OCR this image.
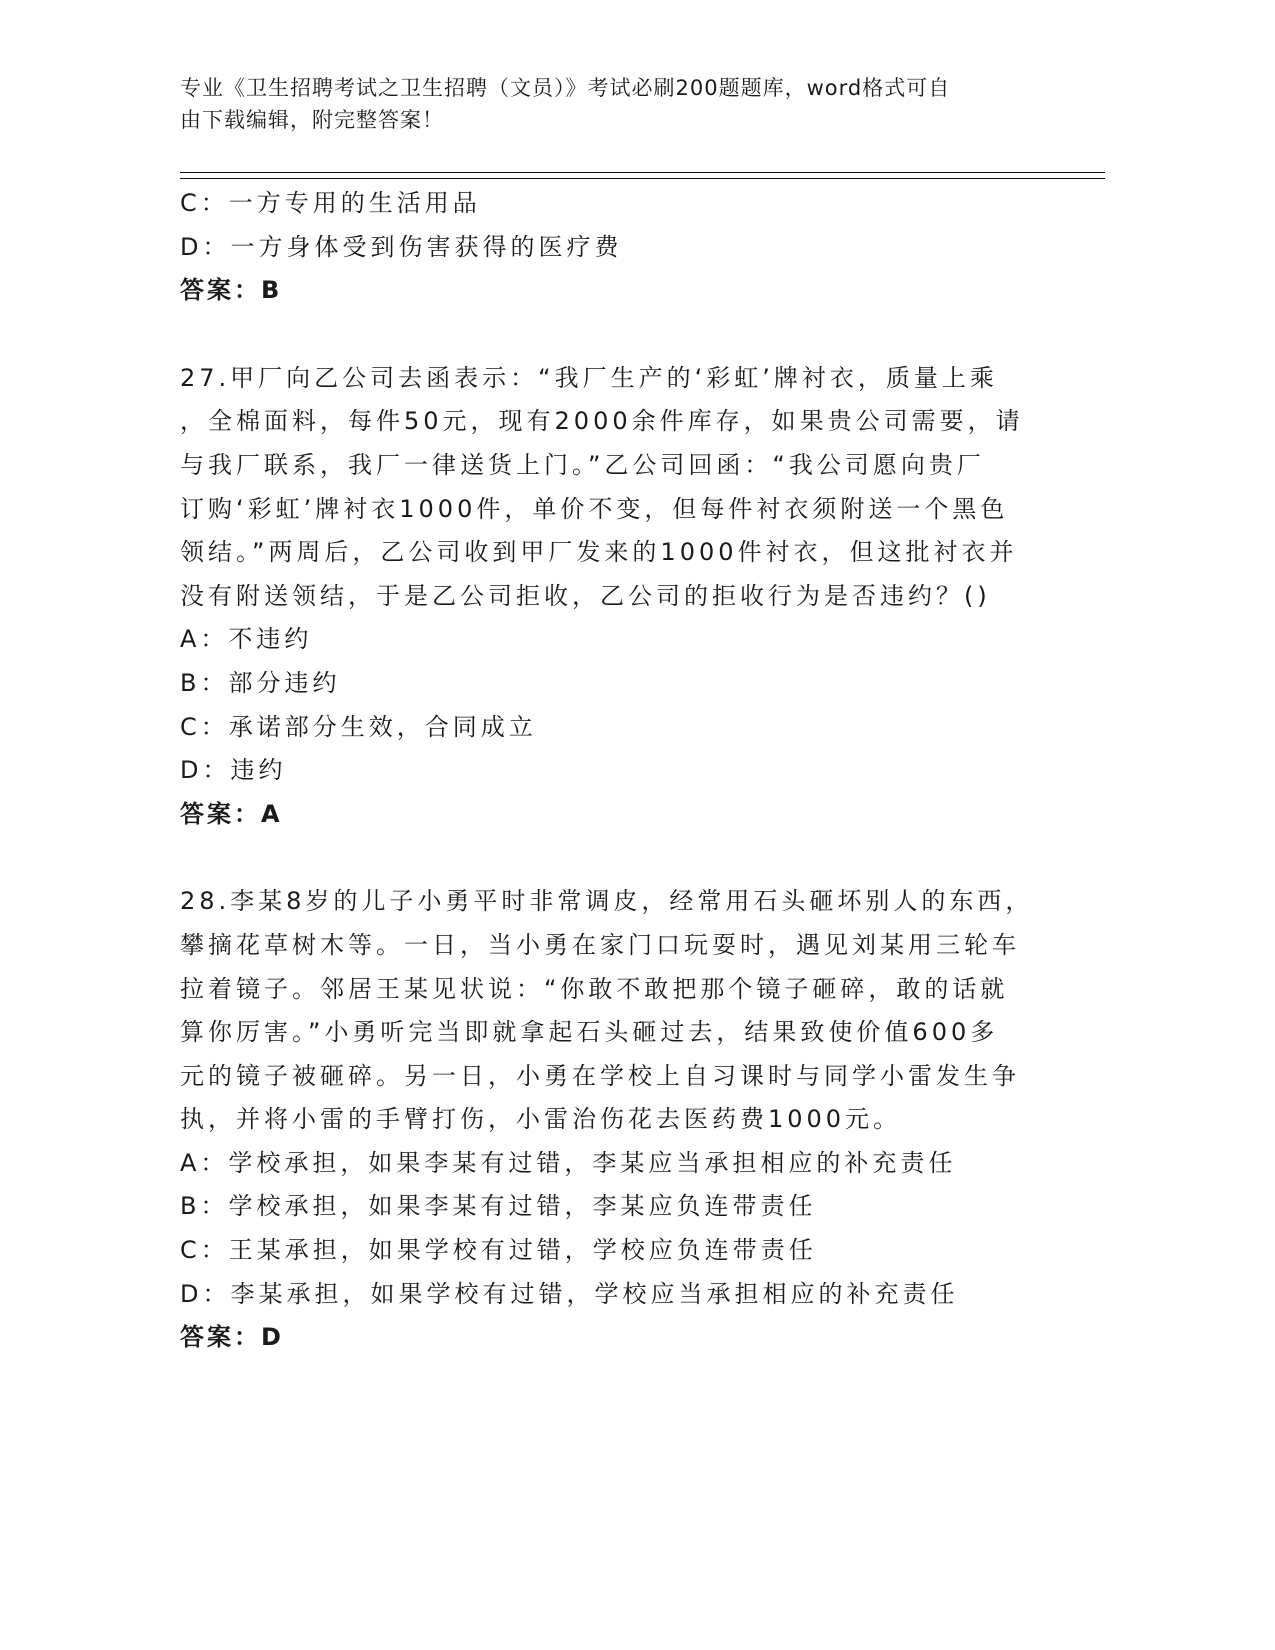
专业《卫生招聘考试之卫生招聘（文员）》考试必刷200题题库，word格式可自
由下载编辑，附完整答案！
C：一方专用的生活用品
D：一方身体受到伤害获得的医疗费
答案：B
27.甲厂向乙公司去函表示：“我厂生产的‘彩虹’牌衬衣，质量上乘
，全棉面料，每件50元，现有2000余件库存，如果贵公司需要，请
与我厂联系，我厂一律送货上门。”乙公司回函：“我公司愿向贵厂
订购‘彩虹’牌衬衣1000件，单价不变，但每件衬衣须附送一个黑色
领结。”两周后，乙公司收到甲厂发来的1000件衬衣，但这批衬衣并
没有附送领结，于是乙公司拒收，乙公司的拒收行为是否违约？()
A：不违约
B：部分违约
C：承诺部分生效，合同成立
D：违约
答案：A
28.李某8岁的儿子小勇平时非常调皮，经常用石头砸坏别人的东西，
攀摘花草树木等。一日，当小勇在家门口玩耍时，遇见刘某用三轮车
拉着镜子。邻居王某见状说：“你敢不敢把那个镜子砸碎，敢的话就
算你厉害。”小勇听完当即就拿起石头砸过去，结果致使价值600多
元的镜子被砸碎。另一日，小勇在学校上自习课时与同学小雷发生争
执，并将小雷的手臂打伤，小雷治伤花去医药费1000元。
A：学校承担，如果李某有过错，李某应当承担相应的补充责任
B：学校承担，如果李某有过错，李某应负连带责任
C：王某承担，如果学校有过错，学校应负连带责任
D：李某承担，如果学校有过错，学校应当承担相应的补充责任
答案：D
